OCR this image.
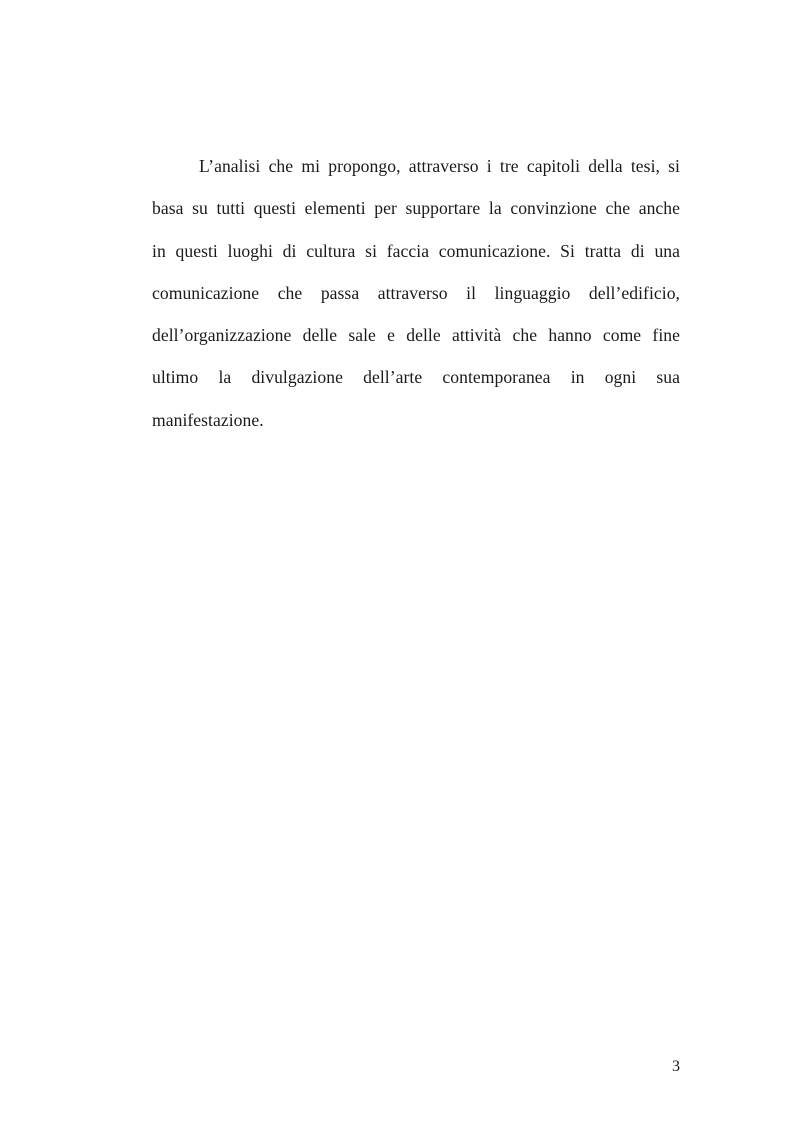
L’analisi che mi propongo, attraverso i tre capitoli della tesi, si
basa su tutti questi elementi per supportare la convinzione che anche
in questi luoghi di cultura si faccia comunicazione. Si tratta di una
comunicazione che passa attraverso il linguaggio dell’edificio,
dell’organizzazione delle sale e delle attività che hanno come fine
ultimo la divulgazione dell’arte contemporanea in ogni sua
manifestazione.

3
